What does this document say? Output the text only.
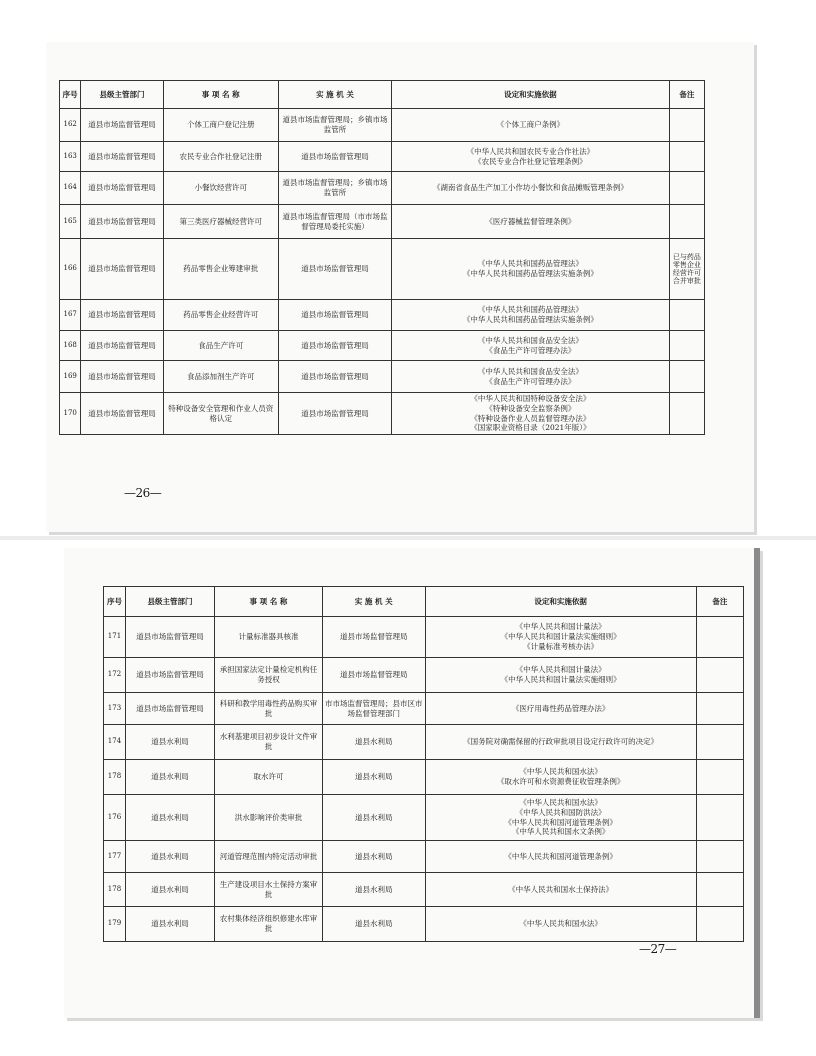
序号	县级主管部门	事 项 名 称	实 施 机 关	设定和实施依据	备注
162	道县市场监督管理局	个体工商户登记注册	道县市场监督管理局；乡镇市场监管所	《个体工商户条例》	

163	道县市场监督管理局	农民专业合作社登记注册	道县市场监督管理局	《中华人民共和国农民专业合作社法》
《农民专业合作社登记管理条例》	

164	道县市场监督管理局	小餐饮经营许可	道县市场监督管理局；乡镇市场监管所	《湖南省食品生产加工小作坊小餐饮和食品摊贩管理条例》	

165	道县市场监督管理局	第三类医疗器械经营许可	道县市场监督管理局（市市场监督管理局委托实施）	《医疗器械监督管理条例》	

166	道县市场监督管理局	药品零售企业筹建审批	道县市场监督管理局	《中华人民共和国药品管理法》
《中华人民共和国药品管理法实施条例》	已与药品零售企业经营许可合并审批
167	道县市场监督管理局	药品零售企业经营许可	道县市场监督管理局	《中华人民共和国药品管理法》
《中华人民共和国药品管理法实施条例》	

168	道县市场监督管理局	食品生产许可	道县市场监督管理局	《中华人民共和国食品安全法》
《食品生产许可管理办法》	

169	道县市场监督管理局	食品添加剂生产许可	道县市场监督管理局	《中华人民共和国食品安全法》
《食品生产许可管理办法》	

170	道县市场监督管理局	特种设备安全管理和作业人员资格认定	道县市场监督管理局	《中华人民共和国特种设备安全法》
《特种设备安全监察条例》
《特种设备作业人员监督管理办法》
《国家职业资格目录（2021年版）》	

—26—
序号	县级主管部门	事 项 名 称	实 施 机 关	设定和实施依据	备注
171	道县市场监督管理局	计量标准器具核准	道县市场监督管理局	《中华人民共和国计量法》
《中华人民共和国计量法实施细则》
《计量标准考核办法》	

172	道县市场监督管理局	承担国家法定计量检定机构任务授权	道县市场监督管理局	《中华人民共和国计量法》
《中华人民共和国计量法实施细则》	

173	道县市场监督管理局	科研和教学用毒性药品购买审批	市市场监督管理局；县市区市场监督管理部门	《医疗用毒性药品管理办法》	

174	道县水利局	水利基建项目初步设计文件审批	道县水利局	《国务院对确需保留的行政审批项目设定行政许可的决定》	

178	道县水利局	取水许可	道县水利局	《中华人民共和国水法》
《取水许可和水资源费征收管理条例》	

176	道县水利局	洪水影响评价类审批	道县水利局	《中华人民共和国水法》
《中华人民共和国防洪法》
《中华人民共和国河道管理条例》
《中华人民共和国水文条例》	

177	道县水利局	河道管理范围内特定活动审批	道县水利局	《中华人民共和国河道管理条例》	

178	道县水利局	生产建设项目水土保持方案审批	道县水利局	《中华人民共和国水土保持法》	

179	道县水利局	农村集体经济组织修建水库审批	道县水利局	《中华人民共和国水法》	

—27—
